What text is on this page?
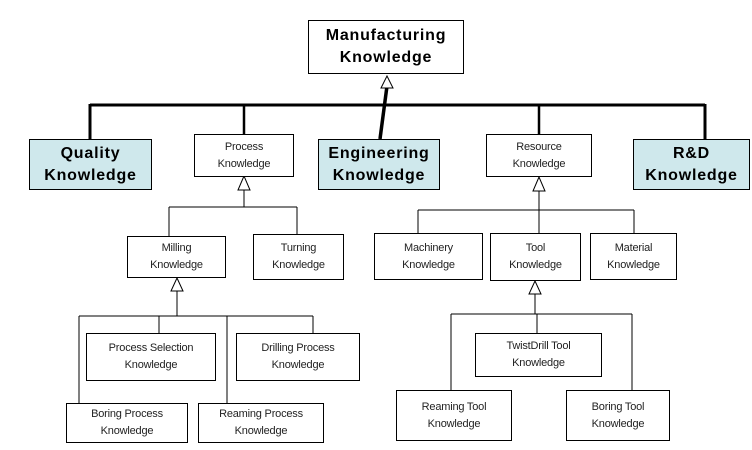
Manufacturing
Knowledge
Quality
Knowledge
Process
Knowledge
Engineering
Knowledge
Resource
Knowledge
R&D
Knowledge
Milling
Knowledge
Turning
Knowledge
Process Selection
Knowledge
Drilling Process
Knowledge
Boring Process
Knowledge
Reaming Process
Knowledge
Machinery
Knowledge
Tool
Knowledge
Material
Knowledge
TwistDrill Tool
Knowledge
Reaming Tool
Knowledge
Boring Tool
Knowledge
